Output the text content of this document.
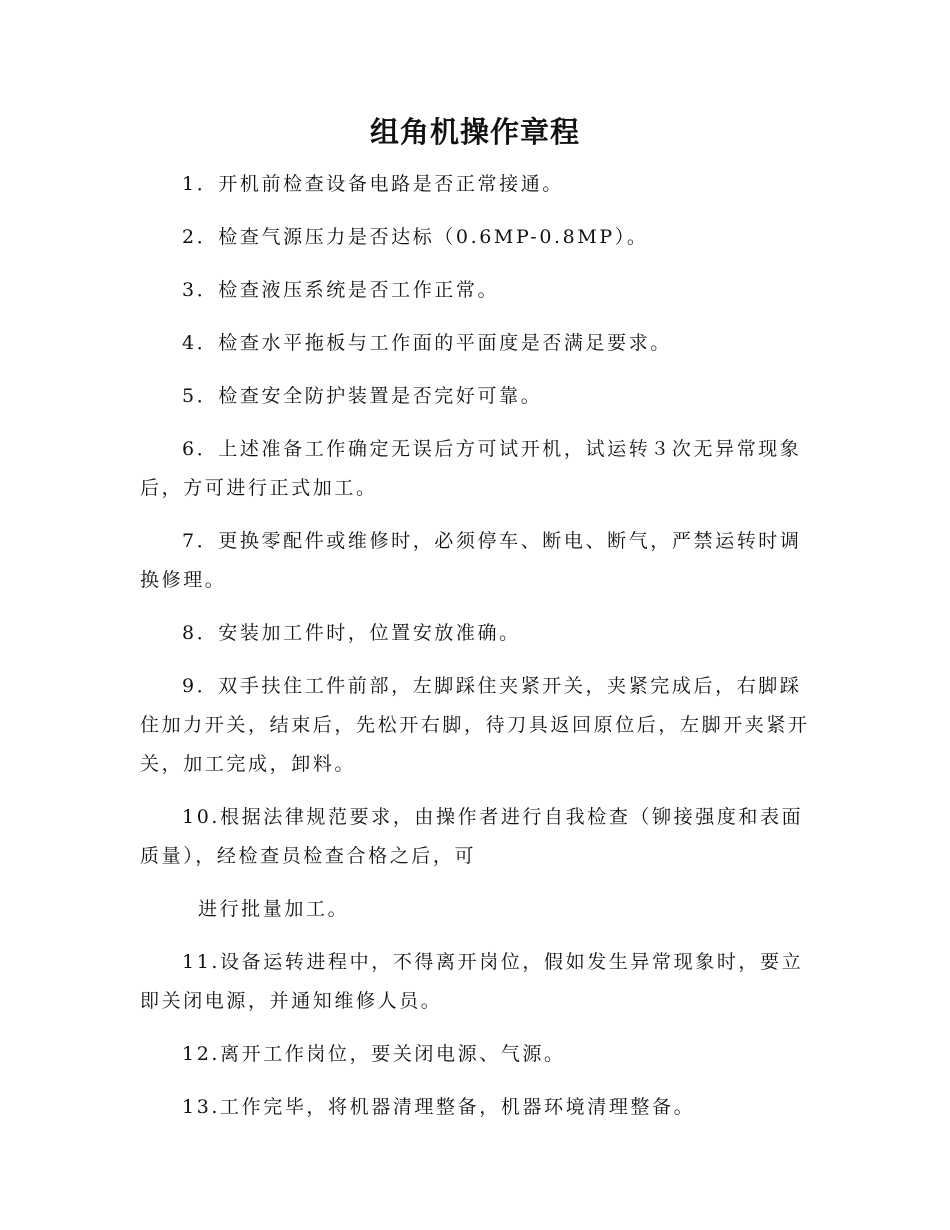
组角机操作章程

1．开机前检查设备电路是否正常接通。

2．检查气源压力是否达标（0.6MP-0.8MP）。

3．检查液压系统是否工作正常。

4．检查水平拖板与工作面的平面度是否满足要求。

5．检查安全防护装置是否完好可靠。

6．上述准备工作确定无误后方可试开机，试运转３次无异常现象后，方可进行正式加工。

7．更换零配件或维修时，必须停车、断电、断气，严禁运转时调换修理。

8．安装加工件时，位置安放准确。

9．双手扶住工件前部，左脚踩住夹紧开关，夹紧完成后，右脚踩住加力开关，结束后，先松开右脚，待刀具返回原位后，左脚开夹紧开关，加工完成，卸料。

10.根据法律规范要求，由操作者进行自我检查（铆接强度和表面质量），经检查员检查合格之后，可

进行批量加工。

11.设备运转进程中，不得离开岗位，假如发生异常现象时，要立即关闭电源，并通知维修人员。

12.离开工作岗位，要关闭电源、气源。

13.工作完毕，将机器清理整备，机器环境清理整备。
